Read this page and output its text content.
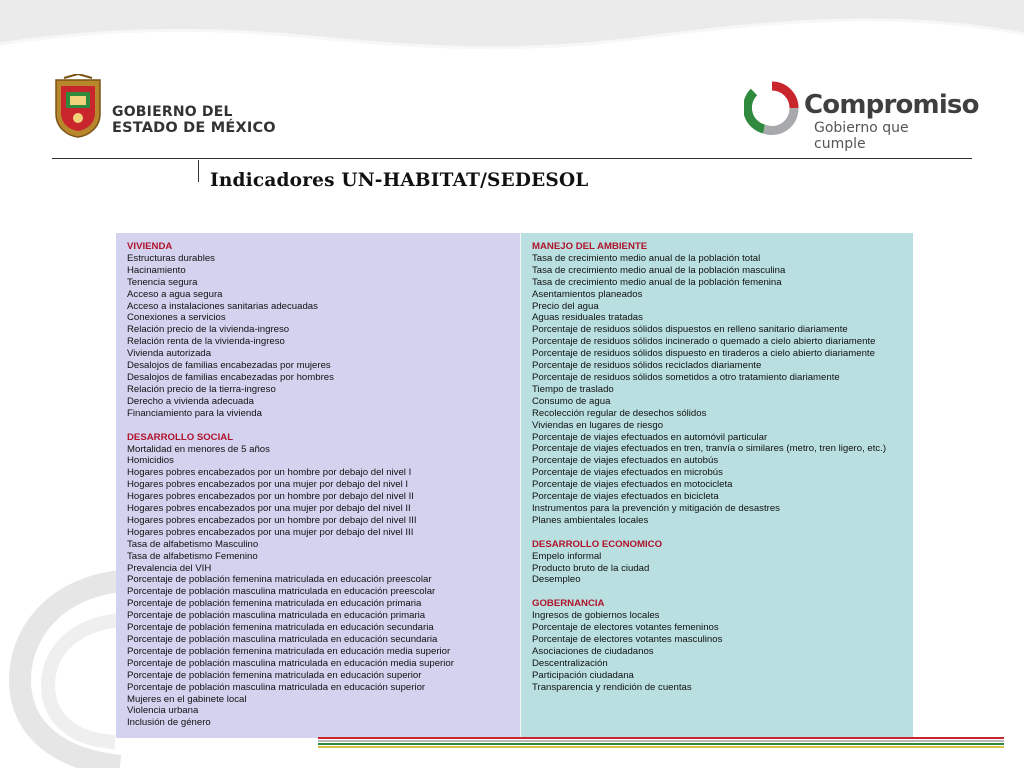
GOBIERNO DEL
ESTADO DE MÉXICO
Compromiso
Gobierno que cumple
Indicadores UN-HABITAT/SEDESOL
VIVIENDA
Estructuras durables
Hacinamiento
Tenencia segura
Acceso a agua segura
Acceso a instalaciones sanitarias adecuadas
Conexiones a servicios
Relación precio de la vivienda-ingreso
Relación renta de la vivienda-ingreso
Vivienda autorizada
Desalojos de familias encabezadas por mujeres
Desalojos de familias encabezadas por hombres
Relación precio de la tierra-ingreso
Derecho a vivienda adecuada
Financiamiento para la vivienda
DESARROLLO SOCIAL
Mortalidad en menores de 5 años
Homicidios
Hogares pobres encabezados por un hombre por debajo del nivel I
Hogares pobres encabezados por una mujer por debajo del nivel I
Hogares pobres encabezados por un hombre por debajo del nivel II
Hogares pobres encabezados por una mujer por debajo del nivel II
Hogares pobres encabezados por un hombre por debajo del nivel III
Hogares pobres encabezados por una mujer por debajo del nivel III
Tasa de alfabetismo Masculino
Tasa de alfabetismo Femenino
Prevalencia del VIH
Porcentaje de población femenina matriculada en educación preescolar
Porcentaje de población masculina matriculada en educación preescolar
Porcentaje de población femenina matriculada en educación primaria
Porcentaje de población masculina matriculada en educación primaria
Porcentaje de población femenina matriculada en educación secundaria
Porcentaje de población masculina matriculada en educación secundaria
Porcentaje de población femenina matriculada en educación media superior
Porcentaje de población masculina matriculada en educación media superior
Porcentaje de población femenina matriculada en educación superior
Porcentaje de población masculina matriculada en educación superior
Mujeres en el gabinete local
Violencia urbana
Inclusión de género
MANEJO DEL AMBIENTE
Tasa de crecimiento medio anual de la población total
Tasa de crecimiento medio anual de la población masculina
Tasa de crecimiento medio anual de la población femenina
Asentamientos planeados
Precio del agua
Aguas residuales tratadas
Porcentaje de residuos sólidos dispuestos en relleno sanitario diariamente
Porcentaje de residuos sólidos incinerado o quemado a cielo abierto diariamente
Porcentaje de residuos sólidos dispuesto en tiraderos a cielo abierto diariamente
Porcentaje de residuos sólidos reciclados diariamente
Porcentaje de residuos sólidos sometidos a otro tratamiento diariamente
Tiempo de traslado
Consumo de agua
Recolección regular de desechos sólidos
Viviendas en lugares de riesgo
Porcentaje de viajes efectuados en automóvil particular
Porcentaje de viajes efectuados en tren, tranvía o similares (metro, tren ligero, etc.)
Porcentaje de viajes efectuados en autobús
Porcentaje de viajes efectuados en microbús
Porcentaje de viajes efectuados en motocicleta
Porcentaje de viajes efectuados en bicicleta
Instrumentos para la prevención y mitigación de desastres
Planes ambientales locales
DESARROLLO ECONOMICO
Empelo informal
Producto bruto de la ciudad
Desempleo
GOBERNANCIA
Ingresos de gobiernos locales
Porcentaje de electores votantes femeninos
Porcentaje de electores votantes masculinos
Asociaciones de ciudadanos
Descentralización
Participación ciudadana
Transparencia y rendición de cuentas
